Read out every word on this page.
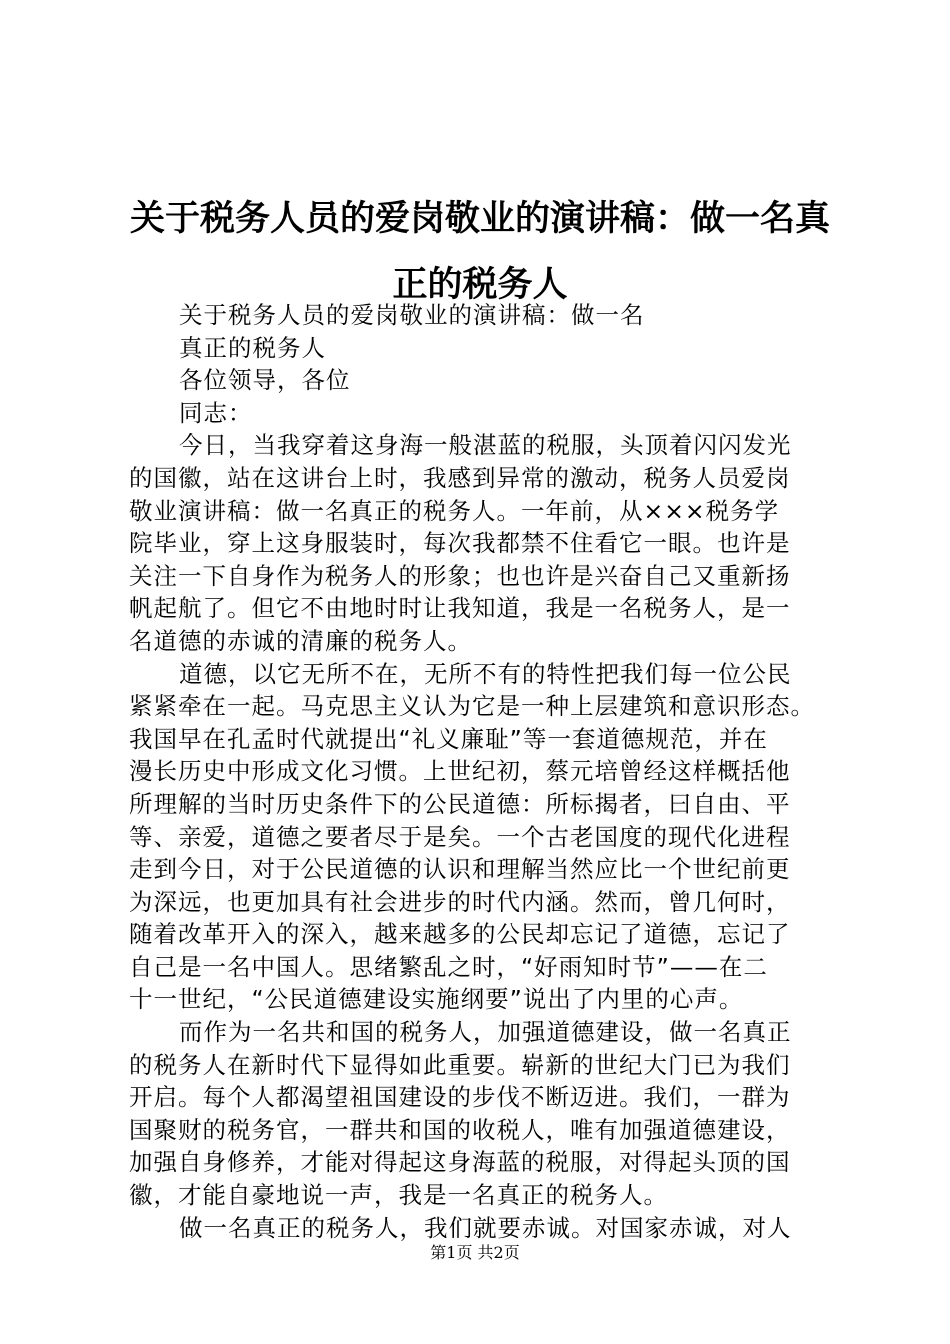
关于税务人员的爱岗敬业的演讲稿：做一名真
正的税务人
关于税务人员的爱岗敬业的演讲稿：做一名
真正的税务人
各位领导，各位
同志：
今日，当我穿着这身海一般湛蓝的税服，头顶着闪闪发光
的国徽，站在这讲台上时，我感到异常的激动，税务人员爱岗
敬业演讲稿：做一名真正的税务人。一年前，从×××税务学
院毕业，穿上这身服装时，每次我都禁不住看它一眼。也许是
关注一下自身作为税务人的形象；也也许是兴奋自己又重新扬
帆起航了。但它不由地时时让我知道，我是一名税务人，是一
名道德的赤诚的清廉的税务人。
道德，以它无所不在，无所不有的特性把我们每一位公民
紧紧牵在一起。马克思主义认为它是一种上层建筑和意识形态。
我国早在孔孟时代就提出“礼义廉耻”等一套道德规范，并在
漫长历史中形成文化习惯。上世纪初，蔡元培曾经这样概括他
所理解的当时历史条件下的公民道德：所标揭者，曰自由、平
等、亲爱，道德之要者尽于是矣。一个古老国度的现代化进程
走到今日，对于公民道德的认识和理解当然应比一个世纪前更
为深远，也更加具有社会进步的时代内涵。然而，曾几何时，
随着改革开入的深入，越来越多的公民却忘记了道德，忘记了
自己是一名中国人。思绪繁乱之时，“好雨知时节”——在二
十一世纪，“公民道德建设实施纲要”说出了内里的心声。
而作为一名共和国的税务人，加强道德建设，做一名真正
的税务人在新时代下显得如此重要。崭新的世纪大门已为我们
开启。每个人都渴望祖国建设的步伐不断迈进。我们，一群为
国聚财的税务官，一群共和国的收税人，唯有加强道德建设，
加强自身修养，才能对得起这身海蓝的税服，对得起头顶的国
徽，才能自豪地说一声，我是一名真正的税务人。
做一名真正的税务人，我们就要赤诚。对国家赤诚，对人
第1页 共2页
